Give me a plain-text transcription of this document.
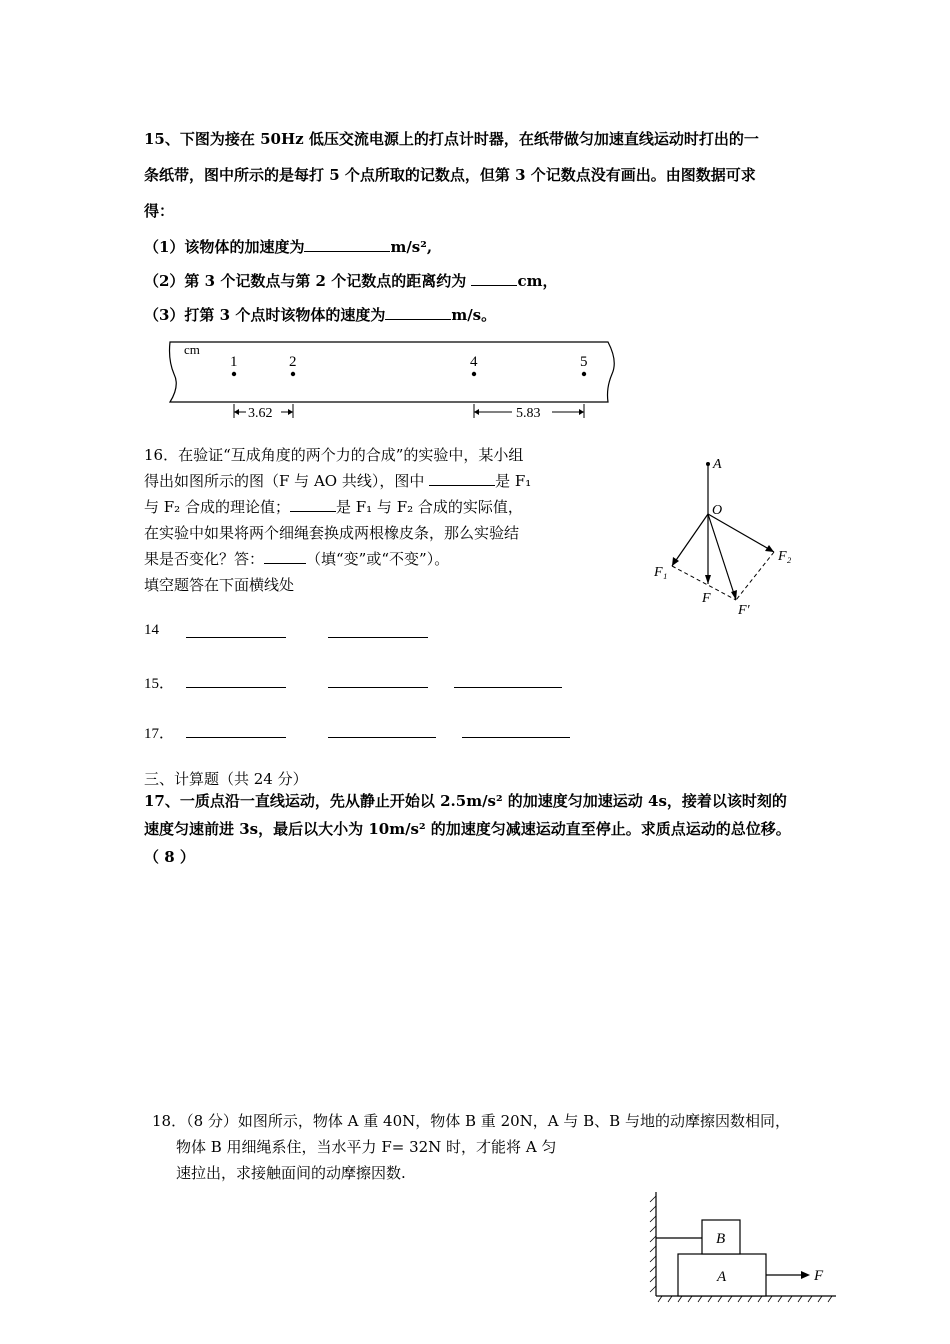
15、下图为接在 50Hz 低压交流电源上的打点计时器，在纸带做匀加速直线运动时打出的一
条纸带，图中所示的是每打 5 个点所取的记数点，但第 3 个记数点没有画出。由图数据可求
得：
（1）该物体的加速度为	m/s²,
（2）第 3 个记数点与第 2 个记数点的距离约为	cm，
（3）打第 3 个点时该物体的速度为	m/s。
cm
1	2	4	5
3.62	5.83
16．在验证“互成角度的两个力的合成”的实验中，某小组
得出如图所示的图（F 与 AO 共线），图中	是 F₁
与 F₂ 合成的理论值；	是 F₁ 与 F₂ 合成的实际值，
在实验中如果将两个细绳套换成两根橡皮条，那么实验结
果是否变化？答：	（填“变”或“不变”）。
填空题答在下面横线处
A
O
F₁
F₂
F
F′
14
15．
17．
三、计算题（共 24 分）
17、一质点沿一直线运动，先从静止开始以 2.5m/s² 的加速度匀加速运动 4s，接着以该时刻的
速度匀速前进 3s，最后以大小为 10m/s² 的加速度匀减速运动直至停止。求质点运动的总位移。
（ 8 ）
18．（8 分）如图所示，物体 A 重 40N，物体 B 重 20N，A 与 B、B 与地的动摩擦因数相同，
物体 B 用细绳系住，当水平力 F= 32N 时，才能将 A 匀
速拉出，求接触面间的动摩擦因数.
B
A	F
